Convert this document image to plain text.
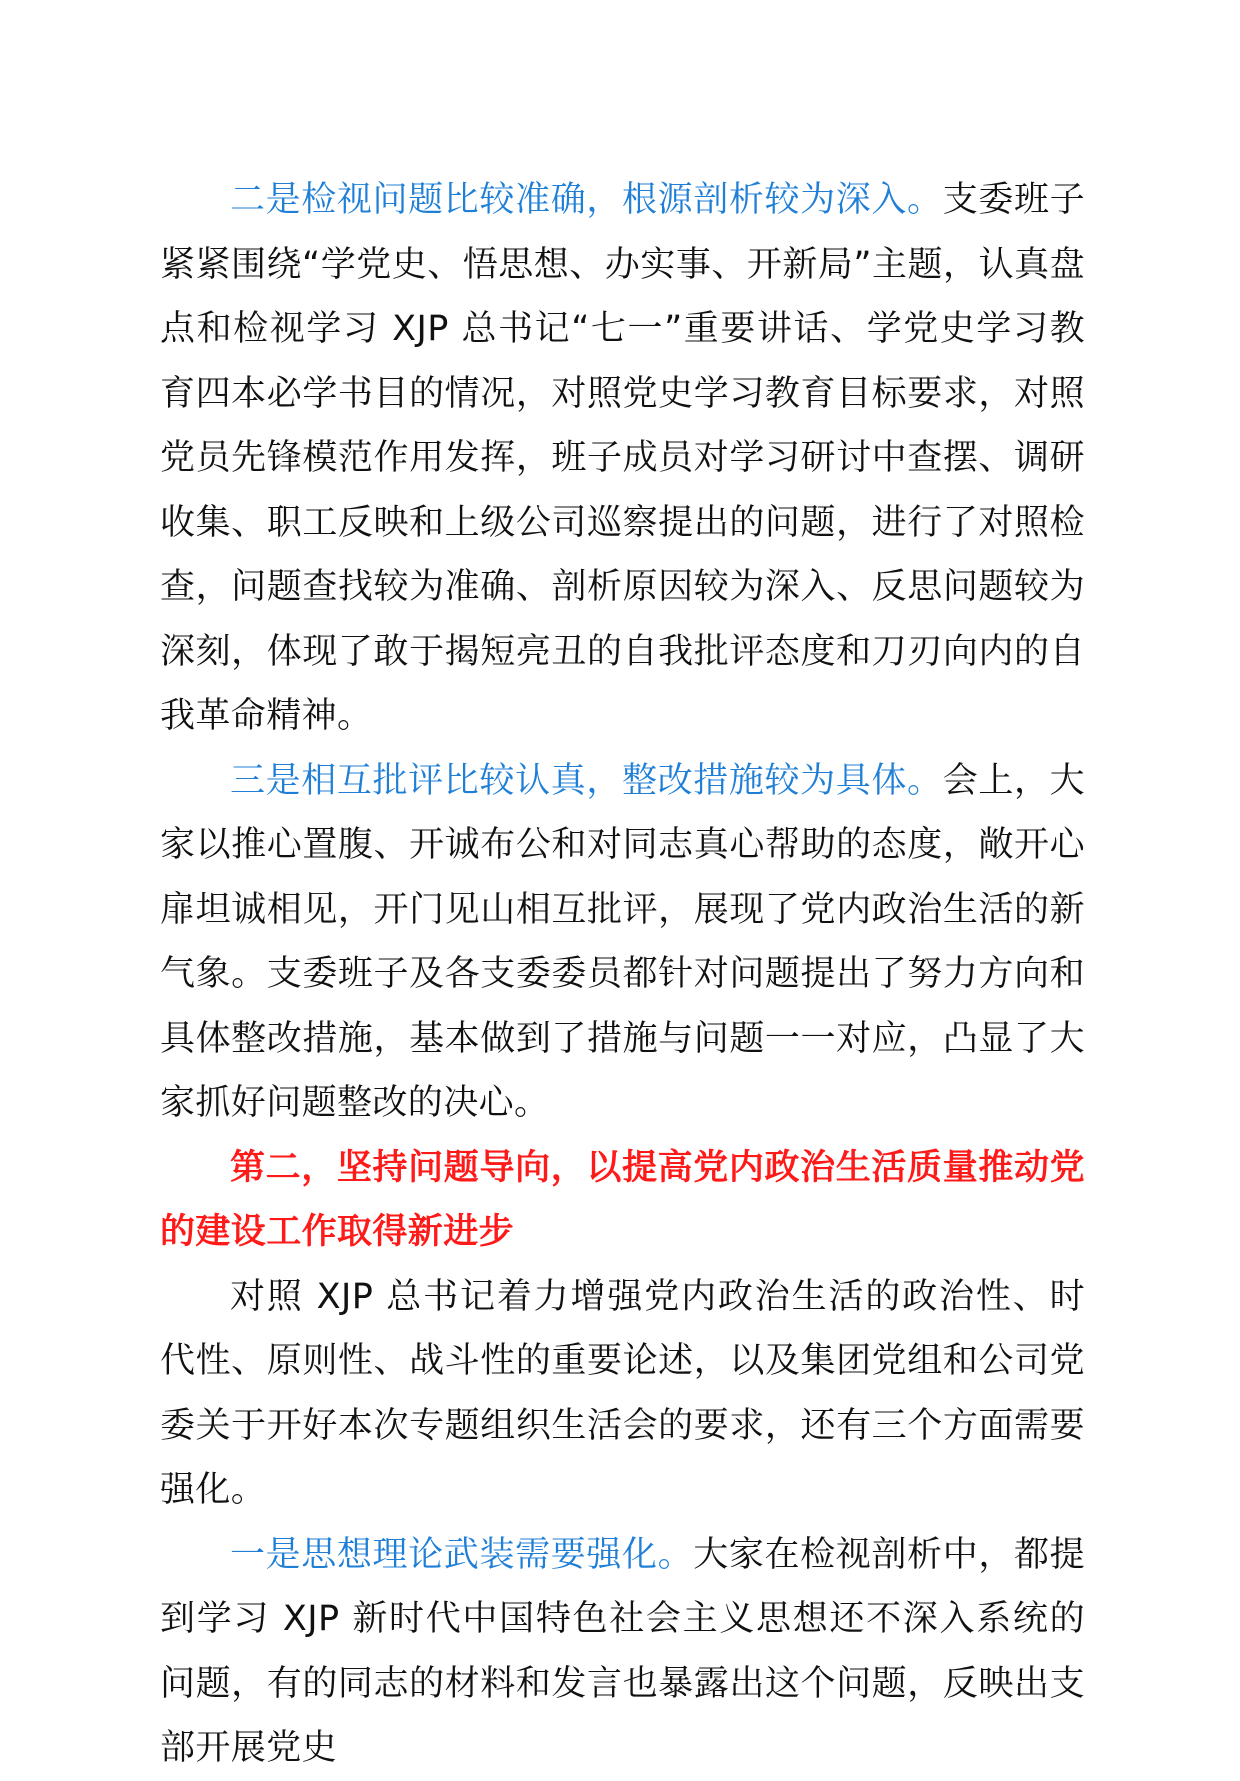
二是检视问题比较准确，根源剖析较为深入。支委班子紧紧围绕“学党史、悟思想、办实事、开新局”主题，认真盘点和检视学习 XJP 总书记“七一”重要讲话、学党史学习教育四本必学书目的情况，对照党史学习教育目标要求，对照党员先锋模范作用发挥，班子成员对学习研讨中查摆、调研收集、职工反映和上级公司巡察提出的问题，进行了对照检查，问题查找较为准确、剖析原因较为深入、反思问题较为深刻，体现了敢于揭短亮丑的自我批评态度和刀刃向内的自我革命精神。

三是相互批评比较认真，整改措施较为具体。会上，大家以推心置腹、开诚布公和对同志真心帮助的态度，敞开心扉坦诚相见，开门见山相互批评，展现了党内政治生活的新气象。支委班子及各支委委员都针对问题提出了努力方向和具体整改措施，基本做到了措施与问题一一对应，凸显了大家抓好问题整改的决心。

第二，坚持问题导向，以提高党内政治生活质量推动党的建设工作取得新进步

对照 XJP 总书记着力增强党内政治生活的政治性、时代性、原则性、战斗性的重要论述，以及集团党组和公司党委关于开好本次专题组织生活会的要求，还有三个方面需要强化。

一是思想理论武装需要强化。大家在检视剖析中，都提到学习 XJP 新时代中国特色社会主义思想还不深入系统的问题，有的同志的材料和发言也暴露出这个问题，反映出支部开展党史
